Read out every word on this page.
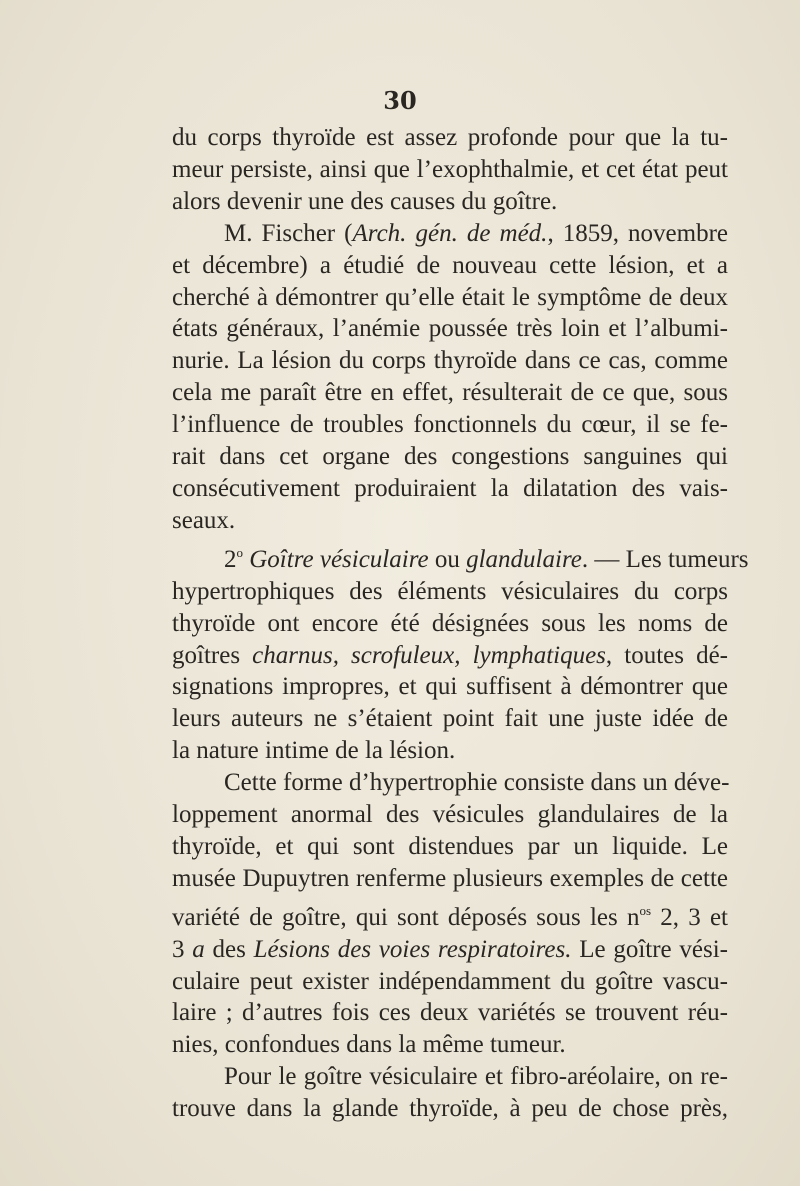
30
du corps thyroïde est assez profonde pour que la tu-
meur persiste, ainsi que l’exophthalmie, et cet état peut
alors devenir une des causes du goître.
M. Fischer (Arch. gén. de méd., 1859, novembre
et décembre) a étudié de nouveau cette lésion, et a
cherché à démontrer qu’elle était le symptôme de deux
états généraux, l’anémie poussée très loin et l’albumi-
nurie. La lésion du corps thyroïde dans ce cas, comme
cela me paraît être en effet, résulterait de ce que, sous
l’influence de troubles fonctionnels du cœur, il se fe-
rait dans cet organe des congestions sanguines qui
consécutivement produiraient la dilatation des vais-
seaux.
2$^o$ Goître vésiculaire ou glandulaire. — Les tumeurs
hypertrophiques des éléments vésiculaires du corps
thyroïde ont encore été désignées sous les noms de
goîtres charnus, scrofuleux, lymphatiques, toutes dé-
signations impropres, et qui suffisent à démontrer que
leurs auteurs ne s’étaient point fait une juste idée de
la nature intime de la lésion.
Cette forme d’hypertrophie consiste dans un déve-
loppement anormal des vésicules glandulaires de la
thyroïde, et qui sont distendues par un liquide. Le
musée Dupuytren renferme plusieurs exemples de cette
variété de goître, qui sont déposés sous les $n^{os}$ 2, 3 et
3 a des Lésions des voies respiratoires. Le goître vési-
culaire peut exister indépendamment du goître vascu-
laire ; d’autres fois ces deux variétés se trouvent réu-
nies, confondues dans la même tumeur.
Pour le goître vésiculaire et fibro-aréolaire, on re-
trouve dans la glande thyroïde, à peu de chose près,
